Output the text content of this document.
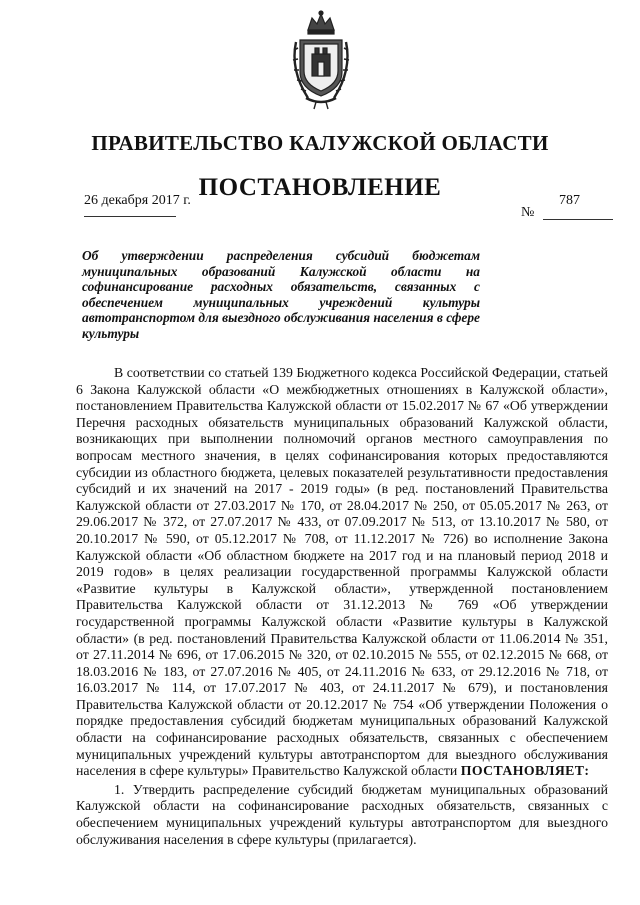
ПРАВИТЕЛЬСТВО КАЛУЖСКОЙ ОБЛАСТИ
ПОСТАНОВЛЕНИЕ
26 декабря 2017 г.	787
№
Об утверждении распределения субсидий бюджетам муниципальных образований Калужской области на софинансирование расходных обязательств, связанных с обеспечением муниципальных учреждений культуры автотранспортом для выездного обслуживания населения в сфере культуры

В соответствии со статьей 139 Бюджетного кодекса Российской Федерации, статьей 6 Закона Калужской области «О межбюджетных отношениях в Калужской области», постановлением Правительства Калужской области от 15.02.2017 № 67 «Об утверждении Перечня расходных обязательств муниципальных образований Калужской области, возникающих при выполнении полномочий органов местного самоуправления по вопросам местного значения, в целях софинансирования которых предоставляются субсидии из областного бюджета, целевых показателей результативности предоставления субсидий и их значений на 2017 - 2019 годы» (в ред. постановлений Правительства Калужской области от 27.03.2017 № 170, от 28.04.2017 № 250, от 05.05.2017 № 263, от 29.06.2017 № 372, от 27.07.2017 № 433, от 07.09.2017 № 513, от 13.10.2017 № 580, от 20.10.2017 № 590, от 05.12.2017 № 708, от 11.12.2017 № 726) во исполнение Закона Калужской области «Об областном бюджете на 2017 год и на плановый период 2018 и 2019 годов» в целях реализации государственной программы Калужской области «Развитие культуры в Калужской области», утвержденной постановлением Правительства Калужской области от 31.12.2013 № 769 «Об утверждении государственной программы Калужской области «Развитие культуры в Калужской области» (в ред. постановлений Правительства Калужской области от 11.06.2014 № 351, от 27.11.2014 № 696, от 17.06.2015 № 320, от 02.10.2015 № 555, от 02.12.2015 № 668, от 18.03.2016 № 183, от 27.07.2016 № 405, от 24.11.2016 № 633, от 29.12.2016 № 718, от 16.03.2017 № 114, от 17.07.2017 № 403, от 24.11.2017 № 679), и постановления Правительства Калужской области от 20.12.2017 № 754 «Об утверждении Положения о порядке предоставления субсидий бюджетам муниципальных образований Калужской области на софинансирование расходных обязательств, связанных с обеспечением муниципальных учреждений культуры автотранспортом для выездного обслуживания населения в сфере культуры» Правительство Калужской области ПОСТАНОВЛЯЕТ:

1. Утвердить распределение субсидий бюджетам муниципальных образований Калужской области на софинансирование расходных обязательств, связанных с обеспечением муниципальных учреждений культуры автотранспортом для выездного обслуживания населения в сфере культуры (прилагается).
